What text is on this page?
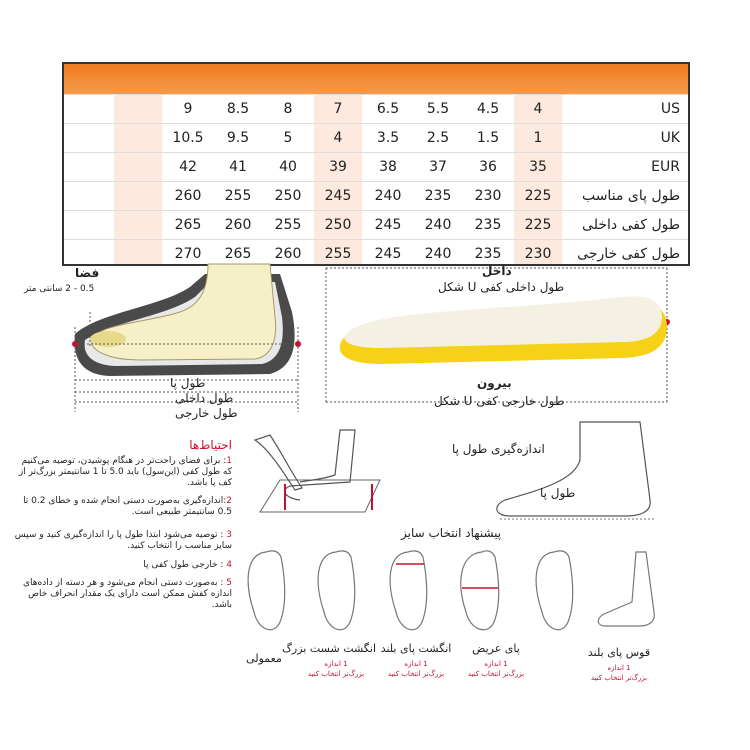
9	8.5	8	7	6.5	5.5	4.5	4	US
10.5	9.5	5	4	3.5	2.5	1.5	1	UK
42	41	40	39	38	37	36	35	EUR
260	255	250	245	240	235	230	225	طول پای مناسب
265	260	255	250	245	240	235	225	طول کفی داخلی
270	265	260	255	245	240	235	230	طول کفی خارجی
فضا
0.5 - 2 سانتی متر
طول پا
طول داخلی
طول خارجی
داخل
طول داخلی کفی U شکل
بیرون
طول خارجی کفی U شکل
احتیاط‌ها
1: برای فضای راحت‌تر در هنگام پوشیدن، توصیه می‌کنیم که طول کفی (این‌سول) باید 5.0 تا 1 سانتیمتر بزرگ‌تر از کف پا باشد.
2:اندازه‌گیری به‌صورت دستی انجام شده و خطای 0.2 تا 0.5 سانتیمتر طبیعی است.
3 : توصیه می‌شود ابتدا طول پا را اندازه‌گیری کنید و سپس سایز مناسب را انتخاب کنید.
4 : خارجی طول کفی پا
5 : به‌صورت دستی انجام می‌شود و هر دسته از داده‌های اندازه کفش ممکن است دارای یک مقدار انحراف خاص باشد.
اندازه‌گیری طول پا
طول پا
پیشنهاد انتخاب سایز
معمولی
انگشت شست بزرگ
1 اندازه
بزرگ‌تر انتخاب کنید
انگشت پای بلند
1 اندازه
بزرگ‌تر انتخاب کنید
پای عریض
1 اندازه
بزرگ‌تر انتخاب کنید
قوس پای بلند
1 اندازه
بزرگ‌تر انتخاب کنید
